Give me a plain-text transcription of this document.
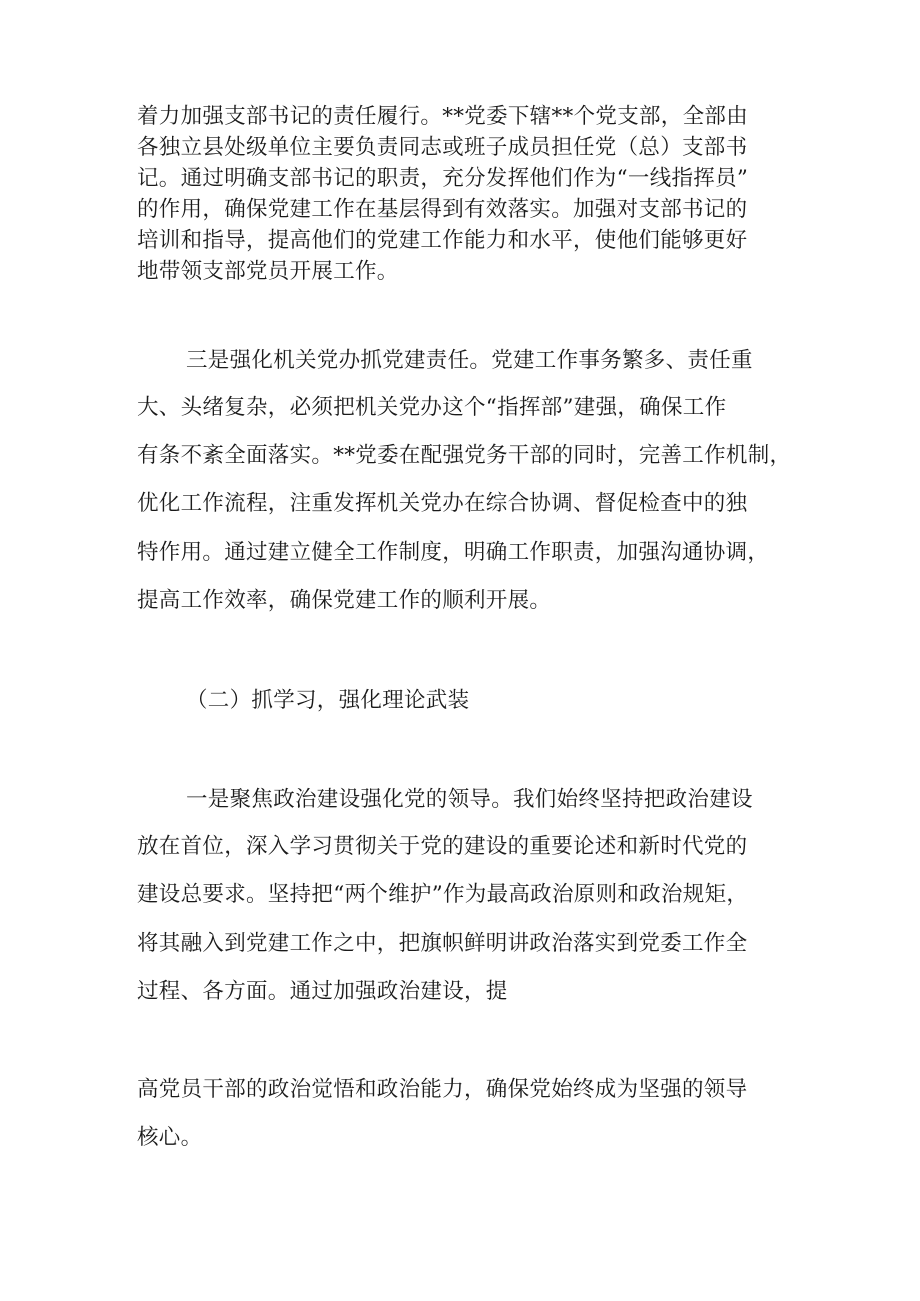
着力加强支部书记的责任履行。**党委下辖**个党支部，全部由
各独立县处级单位主要负责同志或班子成员担任党（总）支部书
记。通过明确支部书记的职责，充分发挥他们作为“一线指挥员”
的作用，确保党建工作在基层得到有效落实。加强对支部书记的
培训和指导，提高他们的党建工作能力和水平，使他们能够更好
地带领支部党员开展工作。
三是强化机关党办抓党建责任。党建工作事务繁多、责任重
大、头绪复杂，必须把机关党办这个“指挥部”建强，确保工作
有条不紊全面落实。**党委在配强党务干部的同时，完善工作机制，
优化工作流程，注重发挥机关党办在综合协调、督促检查中的独
特作用。通过建立健全工作制度，明确工作职责，加强沟通协调，
提高工作效率，确保党建工作的顺利开展。
（二）抓学习，强化理论武装
一是聚焦政治建设强化党的领导。我们始终坚持把政治建设
放在首位，深入学习贯彻关于党的建设的重要论述和新时代党的
建设总要求。坚持把“两个维护”作为最高政治原则和政治规矩，
将其融入到党建工作之中，把旗帜鲜明讲政治落实到党委工作全
过程、各方面。通过加强政治建设，提
高党员干部的政治觉悟和政治能力，确保党始终成为坚强的领导
核心。
